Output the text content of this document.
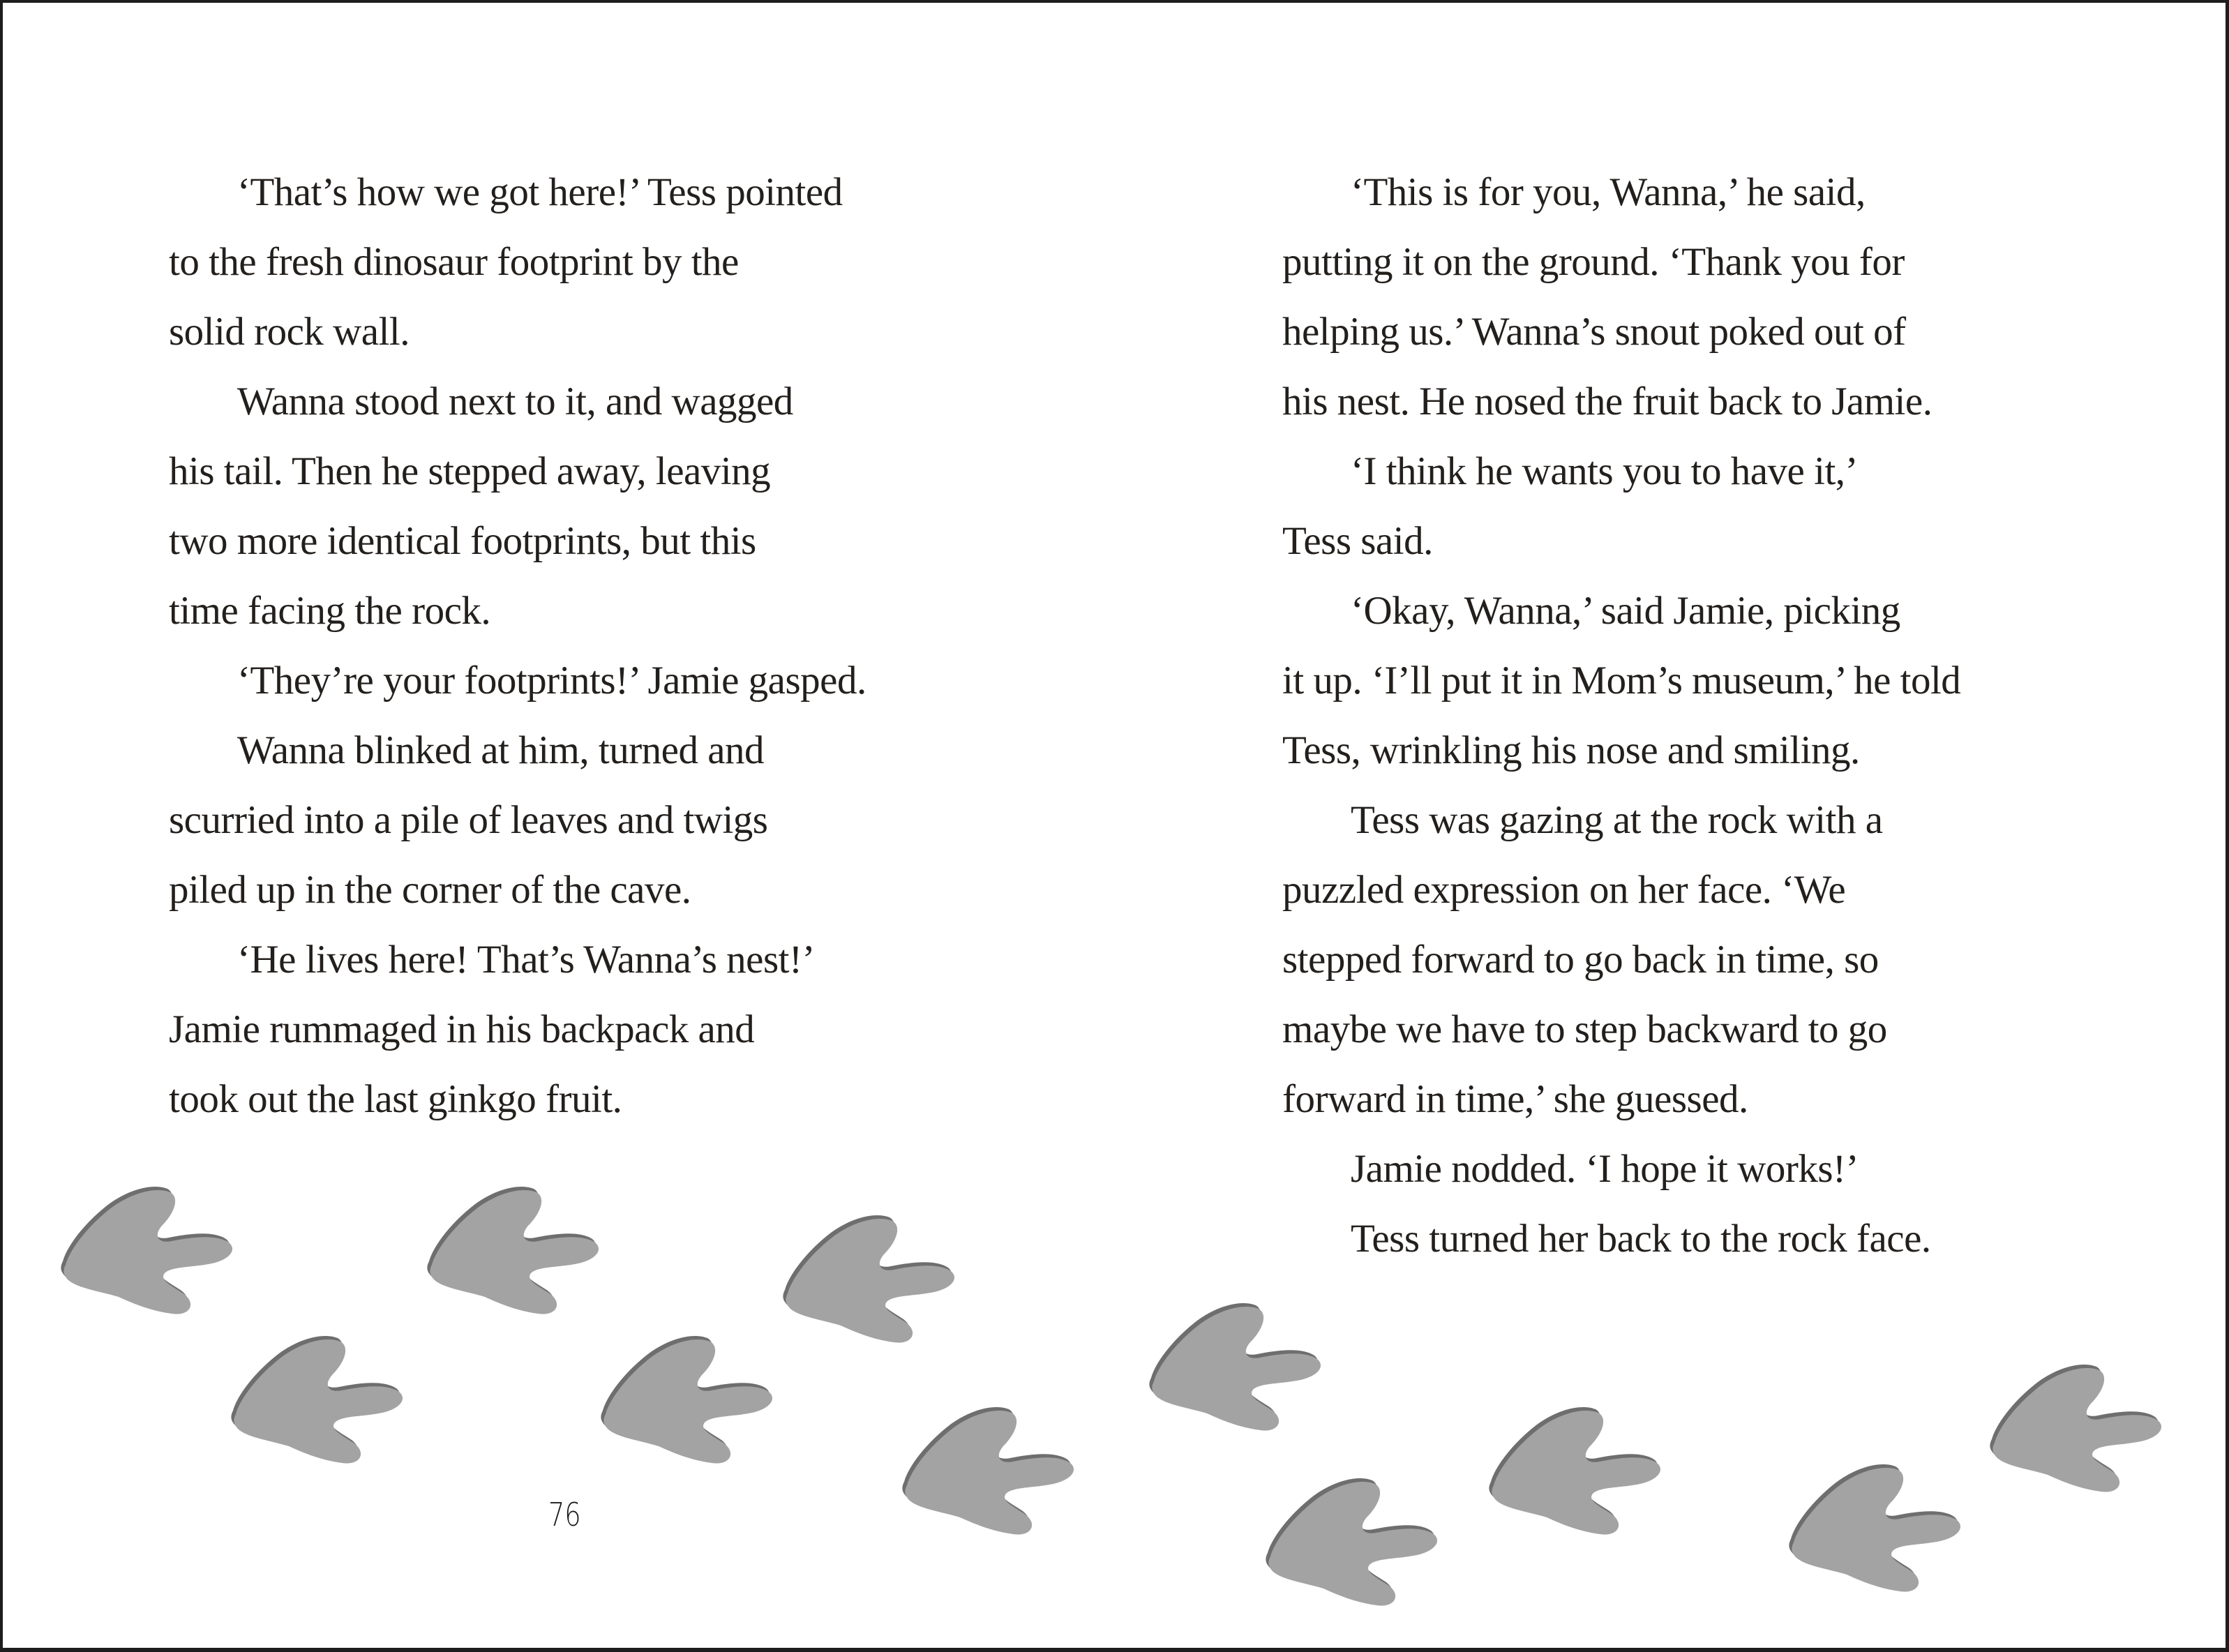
‘That’s how we got here!’ Tess pointed
to the fresh dinosaur footprint by the
solid rock wall.
Wanna stood next to it, and wagged
his tail. Then he stepped away, leaving
two more identical footprints, but this
time facing the rock.
‘They’re your footprints!’ Jamie gasped.
Wanna blinked at him, turned and
scurried into a pile of leaves and twigs
piled up in the corner of the cave.
‘He lives here! That’s Wanna’s nest!’
Jamie rummaged in his backpack and
took out the last ginkgo fruit.
‘This is for you, Wanna,’ he said,
putting it on the ground. ‘Thank you for
helping us.’ Wanna’s snout poked out of
his nest. He nosed the fruit back to Jamie.
‘I think he wants you to have it,’
Tess said.
‘Okay, Wanna,’ said Jamie, picking
it up. ‘I’ll put it in Mom’s museum,’ he told
Tess, wrinkling his nose and smiling.
Tess was gazing at the rock with a
puzzled expression on her face. ‘We
stepped forward to go back in time, so
maybe we have to step backward to go
forward in time,’ she guessed.
Jamie nodded. ‘I hope it works!’
Tess turned her back to the rock face.
76
